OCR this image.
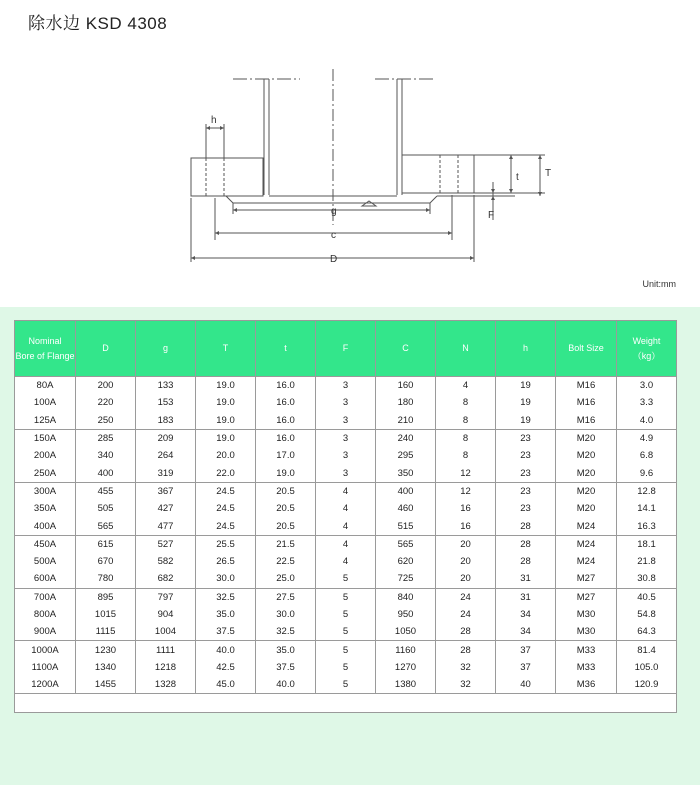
除水边 KSD 4308
h
t	T
F
g
c
D
Unit:mm
Nominal
Bore of Flange	D	g	T	t	F	C	N	h	Bolt Size	Weight
（kg）
80A	200	133	19.0	16.0	3	160	4	19	M16	3.0
100A	220	153	19.0	16.0	3	180	8	19	M16	3.3
125A	250	183	19.0	16.0	3	210	8	19	M16	4.0
150A	285	209	19.0	16.0	3	240	8	23	M20	4.9
200A	340	264	20.0	17.0	3	295	8	23	M20	6.8
250A	400	319	22.0	19.0	3	350	12	23	M20	9.6
300A	455	367	24.5	20.5	4	400	12	23	M20	12.8
350A	505	427	24.5	20.5	4	460	16	23	M20	14.1
400A	565	477	24.5	20.5	4	515	16	28	M24	16.3
450A	615	527	25.5	21.5	4	565	20	28	M24	18.1
500A	670	582	26.5	22.5	4	620	20	28	M24	21.8
600A	780	682	30.0	25.0	5	725	20	31	M27	30.8
700A	895	797	32.5	27.5	5	840	24	31	M27	40.5
800A	1015	904	35.0	30.0	5	950	24	34	M30	54.8
900A	1115	1004	37.5	32.5	5	1050	28	34	M30	64.3
1000A	1230	1111	40.0	35.0	5	1160	28	37	M33	81.4
1100A	1340	1218	42.5	37.5	5	1270	32	37	M33	105.0
1200A	1455	1328	45.0	40.0	5	1380	32	40	M36	120.9
